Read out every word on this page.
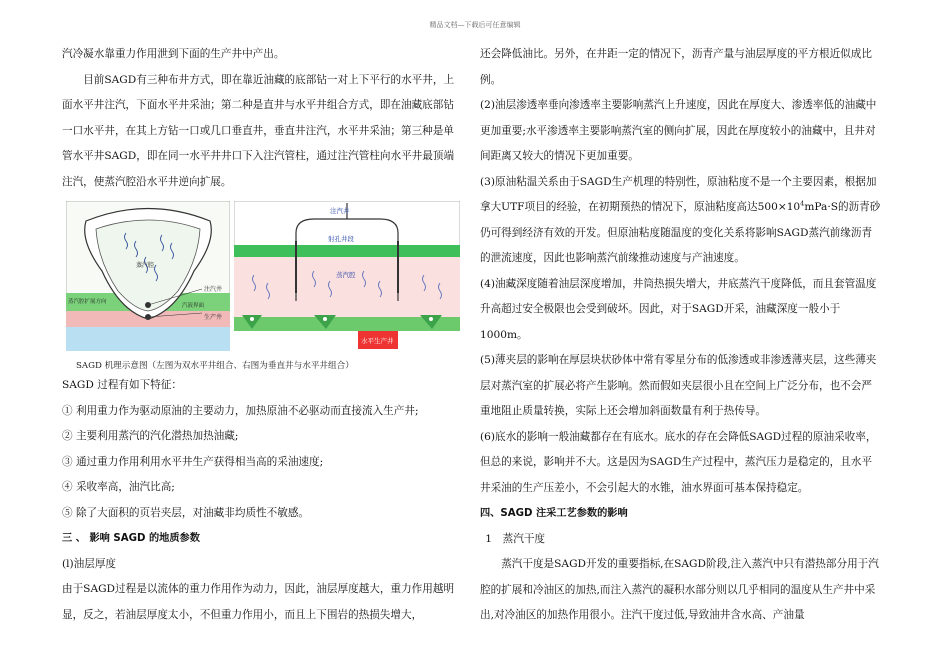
精品文档—下载后可任意编辑

汽冷凝水靠重力作用泄到下面的生产井中产出。

目前SAGD有三种布井方式，即在靠近油藏的底部钻一对上下平行的水平井，上面水平井注汽，下面水平井采油；第二种是直井与水平井组合方式，即在油藏底部钻一口水平井，在其上方钻一口或几口垂直井，垂直井注汽，水平井采油；第三种是单管水平井SAGD，即在同一水平井井口下入注汽管柱，通过注汽管柱向水平井最顶端注汽，使蒸汽腔沿水平井逆向扩展。

蒸汽腔
注汽井
蒸汽腔扩展方向
汽液界面
生产井
注汽井
射孔井段
蒸汽腔
水平生产井

SAGD 机理示意图（左图为双水平井组合、右图为垂直井与水平井组合）

SAGD 过程有如下特征：

① 利用重力作为驱动原油的主要动力，加热原油不必驱动而直接流入生产井;

② 主要利用蒸汽的汽化潜热加热油藏;

③ 通过重力作用利用水平井生产获得相当高的采油速度;

④ 采收率高，油汽比高;

⑤ 除了大面积的页岩夹层，对油藏非均质性不敏感。

三 、 影响 SAGD 的地质参数

(l)油层厚度

由于SAGD过程是以流体的重力作用作为动力，因此，油层厚度越大，重力作用越明显，反之，若油层厚度太小，不但重力作用小，而且上下围岩的热损失增大，

还会降低油比。另外，在井距一定的情况下，沥青产量与油层厚度的平方根近似成比例。

(2)油层渗透率垂向渗透率主要影响蒸汽上升速度，因此在厚度大、渗透率低的油藏中更加重要;水平渗透率主要影响蒸汽室的侧向扩展，因此在厚度较小的油藏中，且井对间距离又较大的情况下更加重要。

(3)原油粘温关系由于SAGD生产机理的特别性，原油粘度不是一个主要因素，根据加拿大UTF项目的经验，在初期预热的情况下，原油粘度高达$500\times 10^4mPa\cdot S$的沥青砂仍可得到经济有效的开发。但原油粘度随温度的变化关系将影响SAGD蒸汽前缘沥青的泄流速度，因此也影响蒸汽前缘推动速度与产油速度。

(4)油藏深度随着油层深度增加，井筒热损失增大，井底蒸汽干度降低，而且套管温度升高超过安全极限也会受到破坏。因此，对于SAGD开采，油藏深度一般小于1000m。

(5)薄夹层的影响在厚层块状砂体中常有零星分布的低渗透或非渗透薄夹层，这些薄夹层对蒸汽室的扩展必将产生影响。然而假如夹层很小且在空间上广泛分布，也不会严重地阻止质量转换，实际上还会增加斜面数量有利于热传导。

(6)底水的影响一般油藏都存在有底水。底水的存在会降低SAGD过程的原油采收率，但总的来说，影响并不大。这是因为SAGD生产过程中，蒸汽压力是稳定的，且水平井采油的生产压差小，不会引起大的水锥，油水界面可基本保持稳定。

四、SAGD 注采工艺参数的影响

1　蒸汽干度

蒸汽干度是SAGD开发的重要指标,在SAGD阶段,注入蒸汽中只有潜热部分用于汽腔的扩展和冷油区的加热,而注入蒸汽的凝积水部分则以几乎相同的温度从生产井中采出,对冷油区的加热作用很小。注汽干度过低,导致油井含水高、产油量
